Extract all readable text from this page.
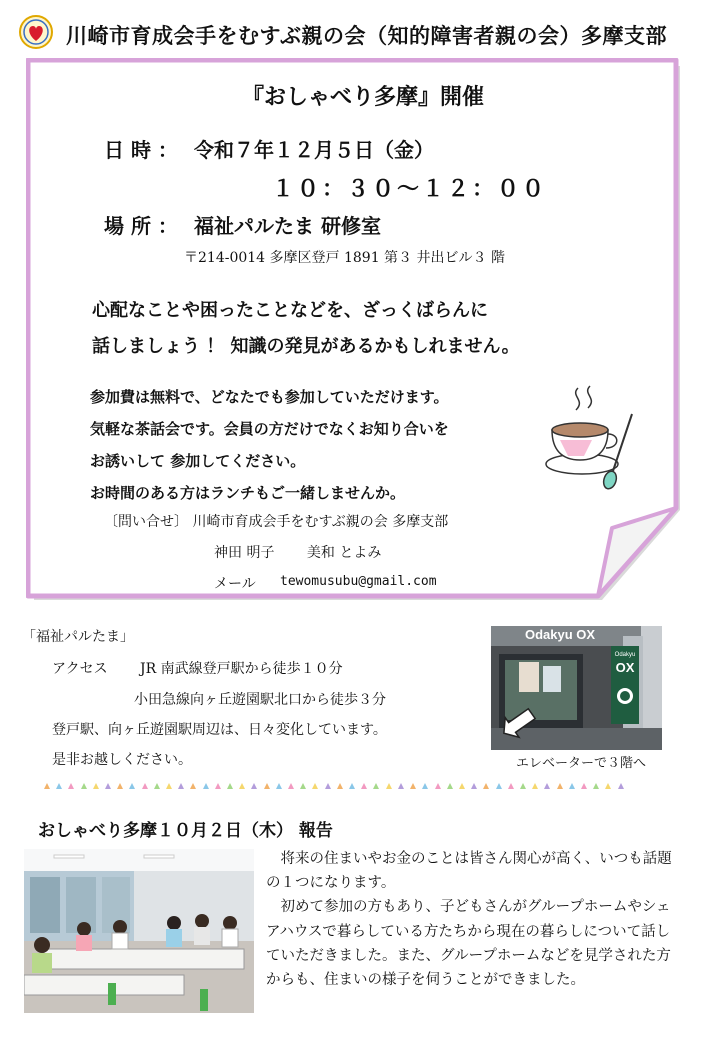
川崎市育成会手をむすぶ親の会（知的障害者親の会）多摩支部
『おしゃべり多摩』開催
日 時 ： 令和７年１２月５日（金）
１０：３０～１２：００
場 所 ： 福祉パルたま 研修室
〒214-0014 多摩区登戸 1891 第３ 井出ビル３ 階
心配なことや困ったことなどを、ざっくばらんに
話しましょう ！ 知識の発見があるかもしれません。
参加費は無料で、どなたでも参加していただけます。
気軽な茶話会です。会員の方だけでなくお知り合いを
お誘いして 参加してください。
お時間のある方はランチもご一緒しませんか。
〔問い合せ〕 川崎市育成会手をむすぶ親の会 多摩支部
神田 明子　　 美和 とよみ
メール tewomusubu@gmail.com
「福祉パルたま」
アクセス JR 南武線登戸駅から徒歩１０分
小田急線向ヶ丘遊園駅北口から徒歩３分
登戸駅、向ヶ丘遊園駅周辺は、日々変化しています。
是非お越しください。
Odakyu OX
Odakyu
OX
エレベーターで３階へ
おしゃべり多摩１０月２日（木） 報告

将来の住まいやお金のことは皆さん関心が高く、いつも話題の１つになります。

初めて参加の方もあり、子どもさんがグループホームやシェアハウスで暮らしている方たちから現在の暮らしについて話していただきました。また、グループホームなどを見学された方からも、住まいの様子を伺うことができました。
